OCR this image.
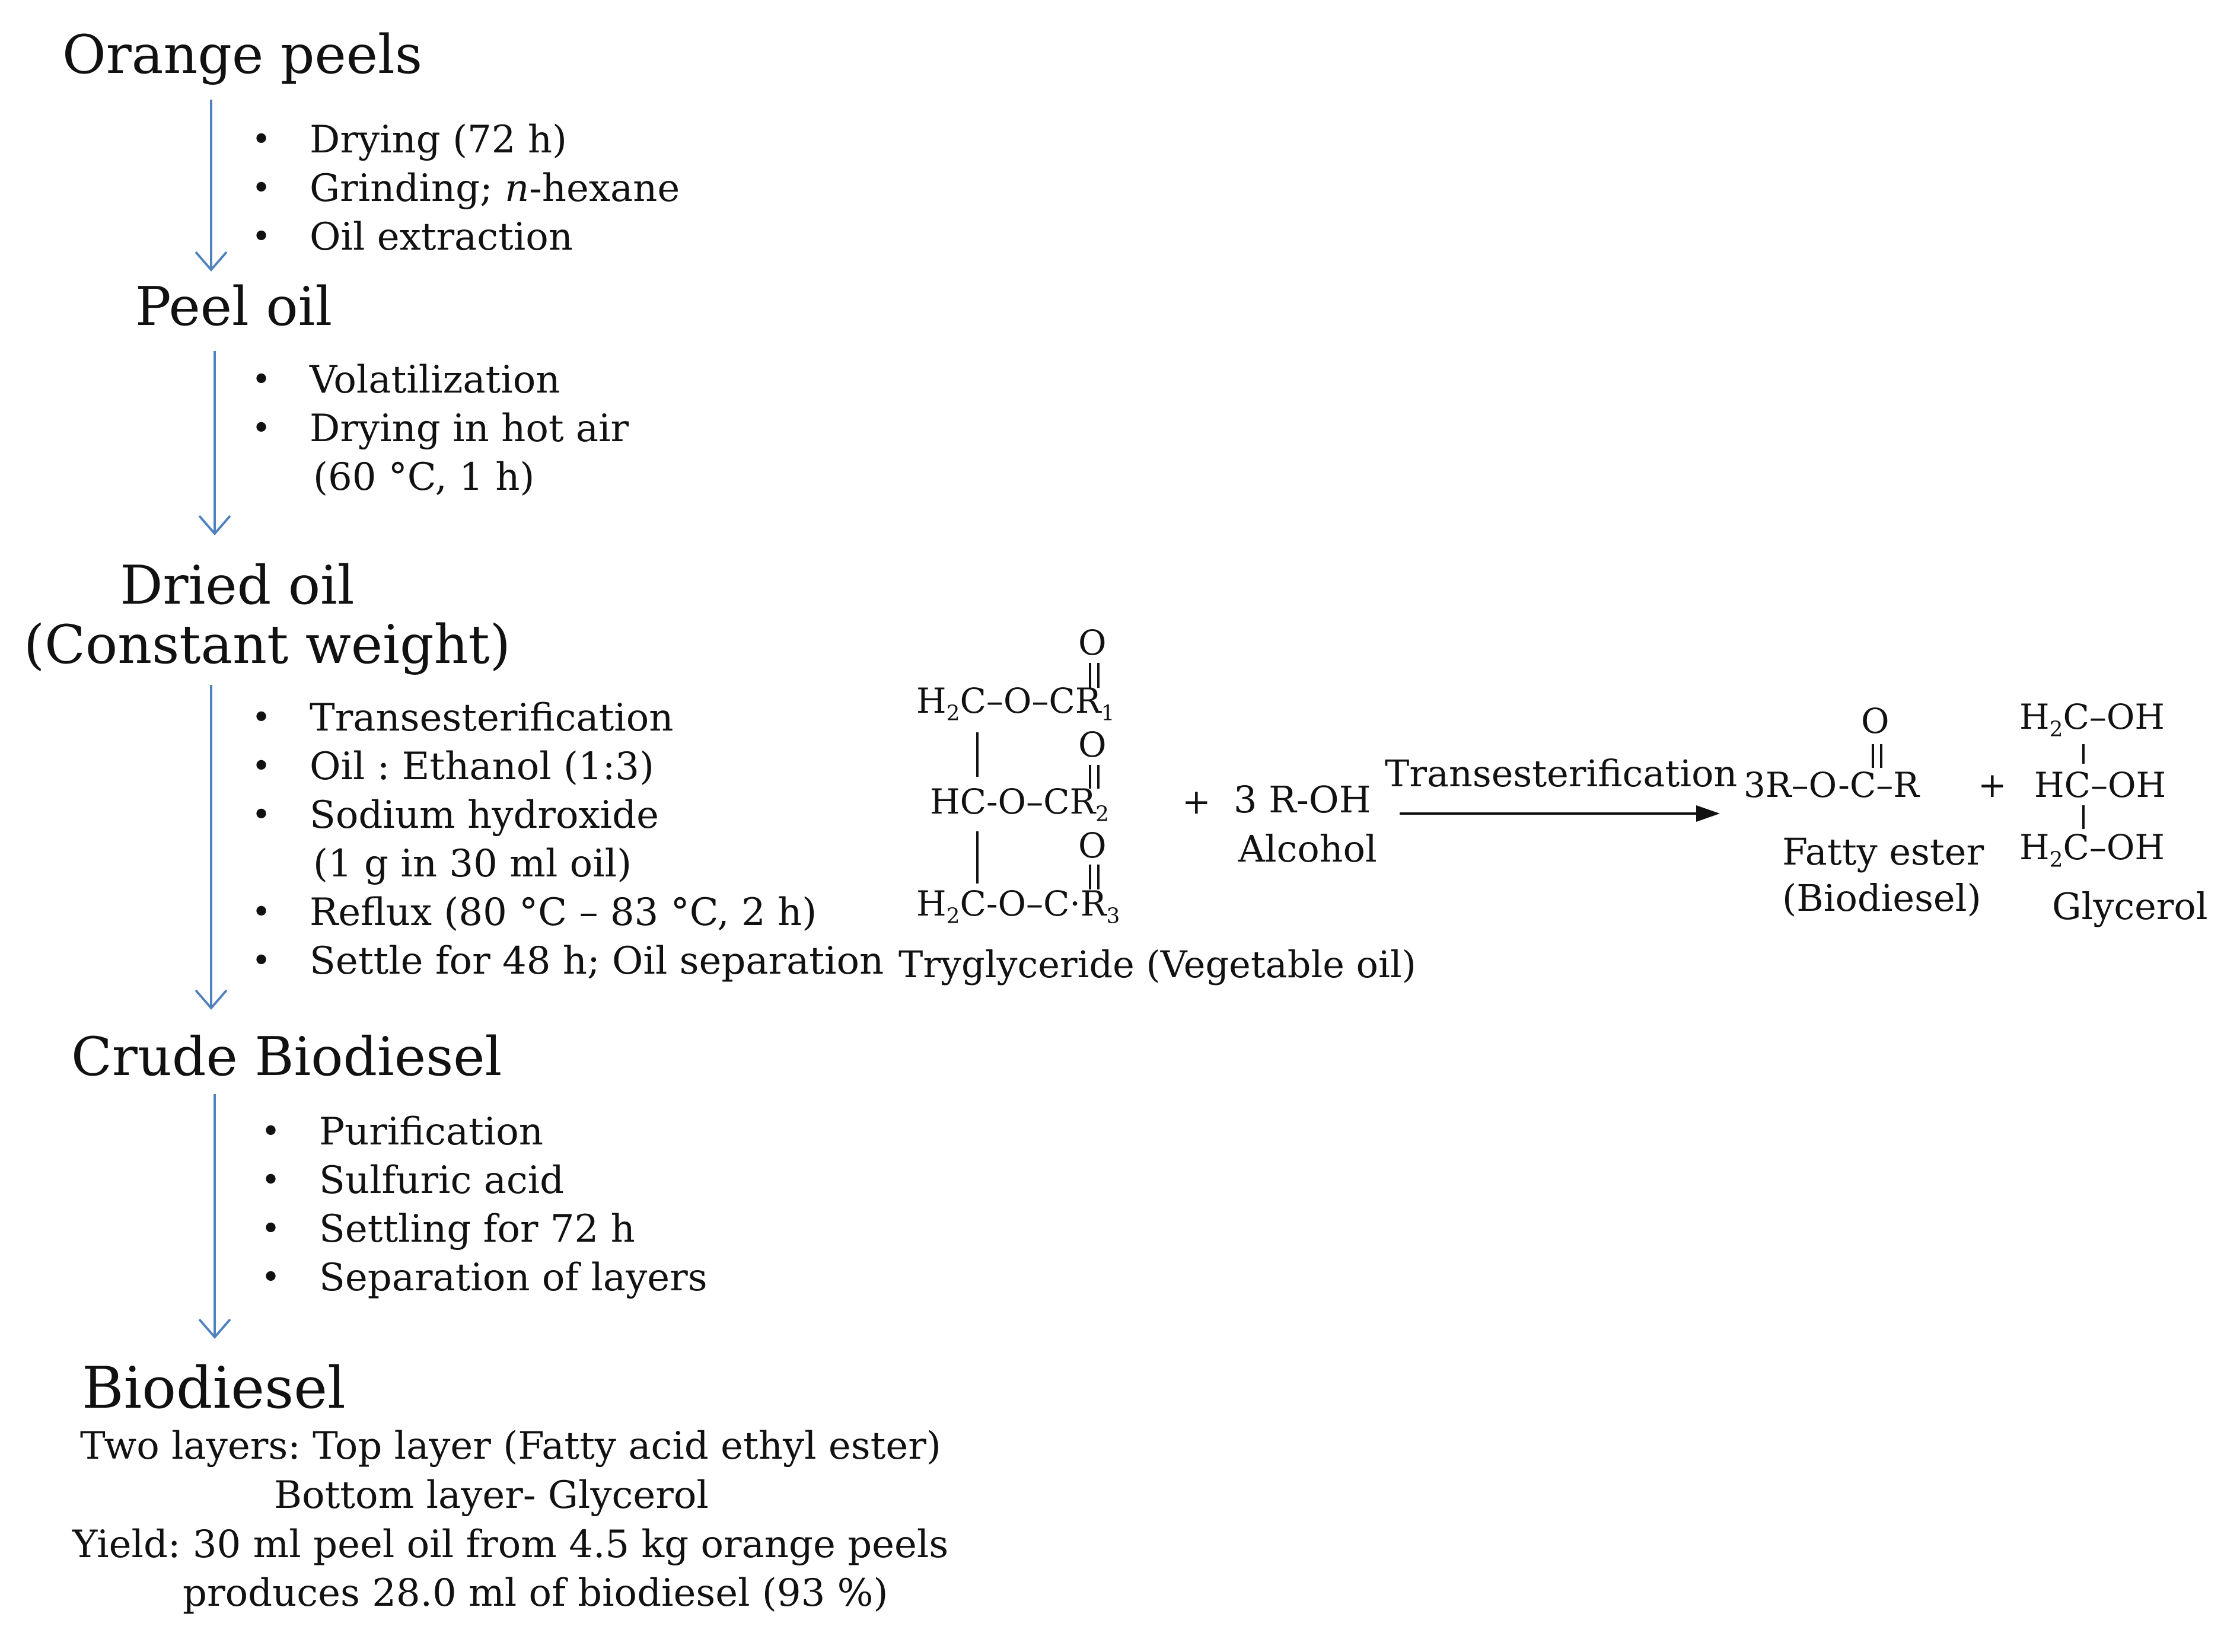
Orange peels
• Drying (72 h)
• Grinding; n-hexane
• Oil extraction
Peel oil
• Volatilization
• Drying in hot air
(60 °C, 1 h)
Dried oil
(Constant weight)
• Transesterification
• Oil : Ethanol (1:3)
• Sodium hydroxide
(1 g in 30 ml oil)
• Reflux (80 °C – 83 °C, 2 h)
• Settle for 48 h; Oil separation
Crude Biodiesel
• Purification
• Sulfuric acid
• Settling for 72 h
• Separation of layers
Biodiesel
Two layers: Top layer (Fatty acid ethyl ester)
Bottom layer- Glycerol
Yield: 30 ml peel oil from 4.5 kg orange peels
produces 28.0 ml of biodiesel (93 %)
O
O
O
$H_2C-O-CR_1$
$HC-O-CR_2$
$H_2C-O-C\cdot R_3$
Tryglyceride (Vegetable oil)
+ 3 R-OH
Alcohol
Transesterification
O
3R–O-C–R
Fatty ester
(Biodiesel)
+
$H_2C-OH$
HC–OH
$H_2C-OH$
Glycerol
